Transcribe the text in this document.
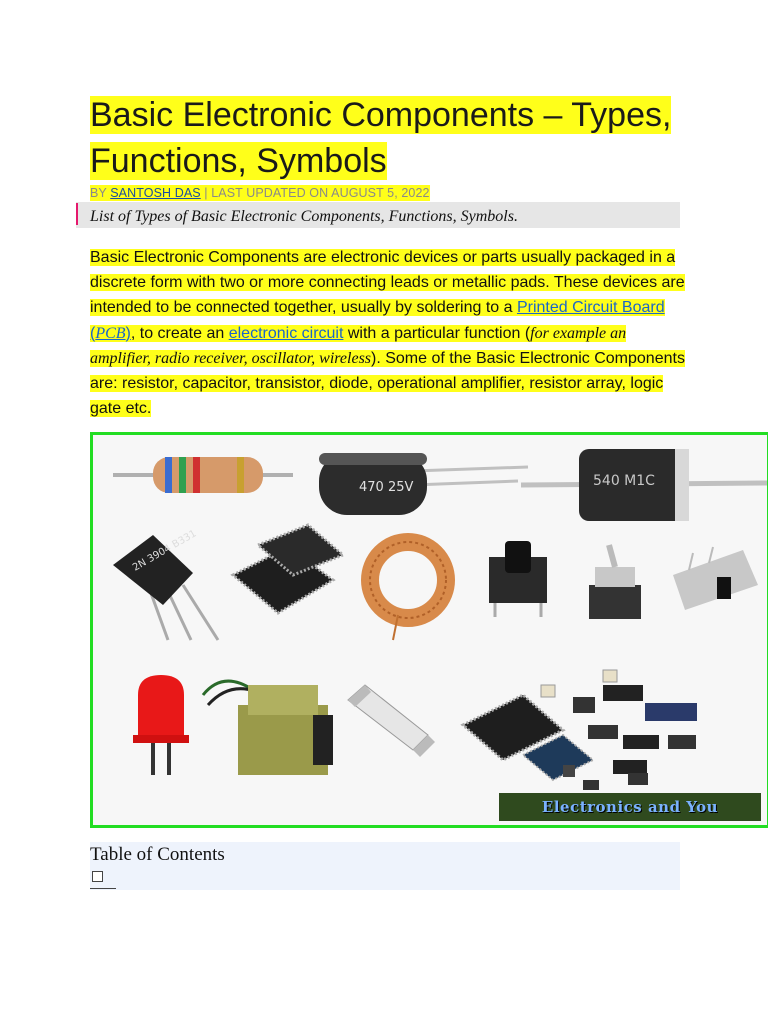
Basic Electronic Components – Types,
Functions, Symbols
BY SANTOSH DAS | LAST UPDATED ON AUGUST 5, 2022
List of Types of Basic Electronic Components, Functions, Symbols.

Basic Electronic Components are electronic devices or parts usually packaged in a discrete form with two or more connecting leads or metallic pads. These devices are intended to be connected together, usually by soldering to a Printed Circuit Board (PCB), to create an electronic circuit with a particular function (for example an amplifier, radio receiver, oscillator, wireless). Some of the Basic Electronic Components are: resistor, capacitor, transistor, diode, operational amplifier, resistor array, logic gate etc.

470 25V	540 M1C
2N 3904 B331
Electronics and You
Table of Contents
